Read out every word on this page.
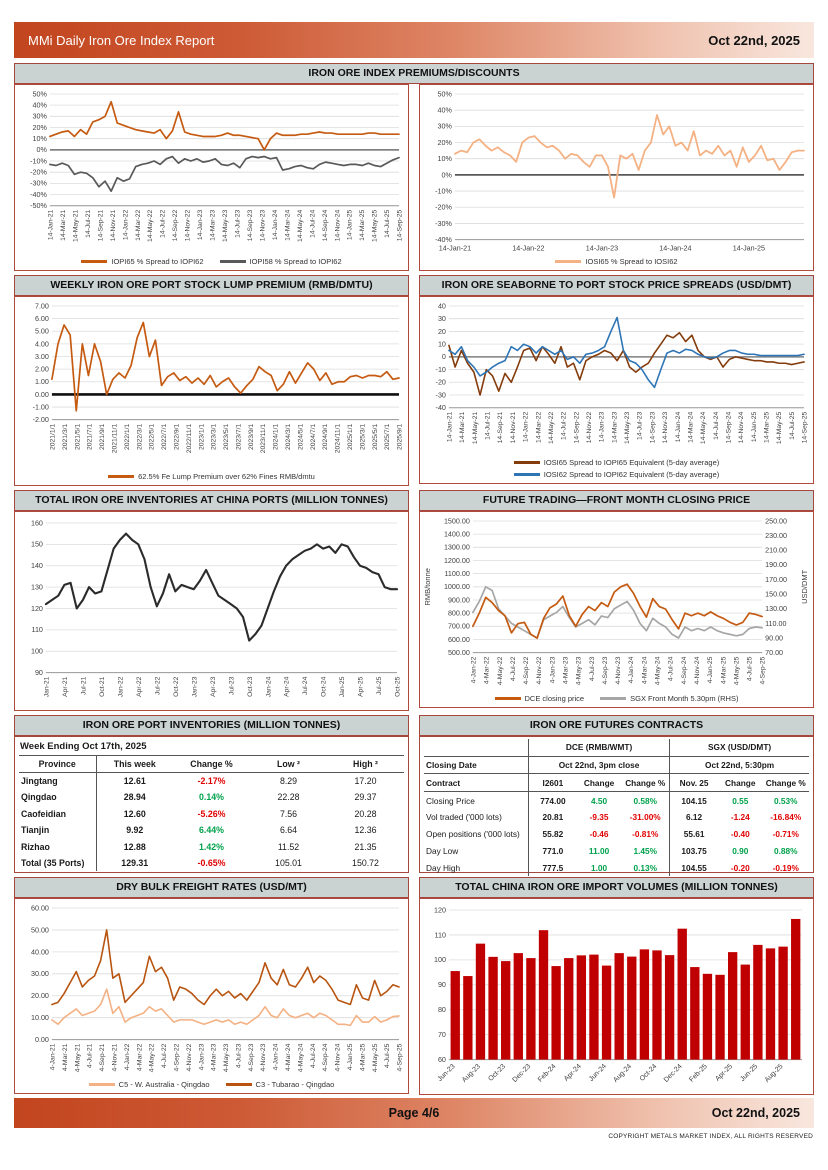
MMi Daily Iron Ore Index Report	Oct 22nd, 2025
IRON ORE INDEX PREMIUMS/DISCOUNTS
50%
40%
30%
20%
10%
0%
-10%
-20%
-30%
-40%
-50%
14-Jan-21 14-Mar-21 14-May-21 14-Jul-21 14-Sep-21 14-Nov-21 14-Jan-22 14-Mar-22 14-May-22 14-Jul-22 14-Sep-22 14-Nov-22 14-Jan-23 14-Mar-23 14-May-23 14-Jul-23 14-Sep-23 14-Nov-23 14-Jan-24 14-Mar-24 14-May-24 14-Jul-24 14-Sep-24 14-Nov-24 14-Jan-25 14-Mar-25 14-May-25 14-Jul-25 14-Sep-25
IOPI65 % Spread to IOPI62	IOPI58 % Spread to IOPI62
50%
40%
30%
20%
10%
0%
-10%
-20%
-30%
-40%
14-Jan-21	14-Jan-22	14-Jan-23	14-Jan-24	14-Jan-25
IOSI65 % Spread to IOSI62
WEEKLY IRON ORE PORT STOCK LUMP PREMIUM (RMB/DMTU)
7.00
6.00
5.00
4.00
3.00
2.00
1.00
0.00
-1.00
-2.00
2021/1/1 2021/3/1 2021/5/1 2021/7/1 2021/9/1 2021/11/1 2022/1/1 2022/3/1 2022/5/1 2022/7/1 2022/9/1 2022/11/1 2023/1/1 2023/3/1 2023/5/1 2023/7/1 2023/9/1 2023/11/1 2024/1/1 2024/3/1 2024/5/1 2024/7/1 2024/9/1 2024/11/1 2025/1/1 2025/3/1 2025/5/1 2025/7/1 2025/9/1
62.5% Fe Lump Premium over 62% Fines RMB/dmtu
IRON ORE SEABORNE TO PORT STOCK PRICE SPREADS (USD/DMT)
40
30
20
10
0
-10
-20
-30
-40
14-Jan-21 14-Mar-21 14-May-21 14-Jul-21 14-Sep-21 14-Nov-21 14-Jan-22 14-Mar-22 14-May-22 14-Jul-22 14-Sep-22 14-Nov-22 14-Jan-23 14-Mar-23 14-May-23 14-Jul-23 14-Sep-23 14-Nov-23 14-Jan-24 14-Mar-24 14-May-24 14-Jul-24 14-Sep-24 14-Nov-24 14-Jan-25 14-Mar-25 14-May-25 14-Jul-25 14-Sep-25
IOSI65 Spread to IOPI65 Equivalent (5-day average)
IOSI62 Spread to IOPI62 Equivalent (5-day average)
TOTAL IRON ORE INVENTORIES AT CHINA PORTS (MILLION TONNES)
160
150
140
130
120
110
100
90
Jan-21 Apr-21 Jul-21 Oct-21 Jan-22 Apr-22 Jul-22 Oct-22 Jan-23 Apr-23 Jul-23 Oct-23 Jan-24 Apr-24 Jul-24 Oct-24 Jan-25 Apr-25 Jul-25 Oct-25
FUTURE TRADING—FRONT MONTH CLOSING PRICE
1500.00
1400.00
1300.00
1200.00
1100.00
1000.00
900.00
800.00
700.00
600.00
500.00
250.00
230.00
210.00
190.00
170.00
150.00
130.00
110.00
90.00
70.00
RMB/tonne	USD/DMT
4-Jan-22 4-Mar-22 4-May-22 4-Jul-22 4-Sep-22 4-Nov-22 4-Jan-23 4-Mar-23 4-May-23 4-Jul-23 4-Sep-23 4-Nov-23 4-Jan-24 4-Mar-24 4-May-24 4-Jul-24 4-Sep-24 4-Nov-24 4-Jan-25 4-Mar-25 4-May-25 4-Jul-25 4-Sep-25
DCE closing price	SGX Front Month 5.30pm (RHS)
IRON ORE PORT INVENTORIES (MILLION TONNES)
Week Ending Oct 17th, 2025
Province	This week	Change %	Low ²	High ²
Jingtang	12.61	-2.17%	8.29	17.20
Qingdao	28.94	0.14%	22.28	29.37
Caofeidian	12.60	-5.26%	7.56	20.28
Tianjin	9.92	6.44%	6.64	12.36
Rizhao	12.88	1.42%	11.52	21.35
Total (35 Ports)	129.31	-0.65%	105.01	150.72
IRON ORE FUTURES CONTRACTS
	DCE (RMB/WMT)			SGX (USD/DMT)		
Closing Date	Oct 22nd, 3pm close			Oct 22nd, 5:30pm		
Contract	I2601	Change	Change %	Nov. 25	Change	Change %
Closing Price	774.00	4.50	0.58%	104.15	0.55	0.53%
Vol traded ('000 lots)	20.81	-9.35	-31.00%	6.12	-1.24	-16.84%
Open positions ('000 lots)	55.82	-0.46	-0.81%	55.61	-0.40	-0.71%
Day Low	771.0	11.00	1.45%	103.75	0.90	0.88%
Day High	777.5	1.00	0.13%	104.55	-0.20	-0.19%
DRY BULK FREIGHT RATES (USD/MT)
60.00
50.00
40.00
30.00
20.00
10.00
0.00
4-Jan-21 4-Mar-21 4-May-21 4-Jul-21 4-Sep-21 4-Nov-21 4-Jan-22 4-Mar-22 4-May-22 4-Jul-22 4-Sep-22 4-Nov-22 4-Jan-23 4-Mar-23 4-May-23 4-Jul-23 4-Sep-23 4-Nov-23 4-Jan-24 4-Mar-24 4-May-24 4-Jul-24 4-Sep-24 4-Nov-24 4-Jan-25 4-Mar-25 4-May-25 4-Jul-25 4-Sep-25
C5 - W. Australia - Qingdao	C3 - Tubarao - Qingdao
TOTAL CHINA IRON ORE IMPORT VOLUMES (MILLION TONNES)
120
110
100
90
80
70
60
Jun-23 Aug-23 Oct-23 Dec-23 Feb-24 Apr-24 Jun-24 Aug-24 Oct-24 Dec-24 Feb-25 Apr-25 Jun-25 Aug-25
Page 4/6	Oct 22nd, 2025
COPYRIGHT METALS MARKET INDEX, ALL RIGHTS RESERVED
